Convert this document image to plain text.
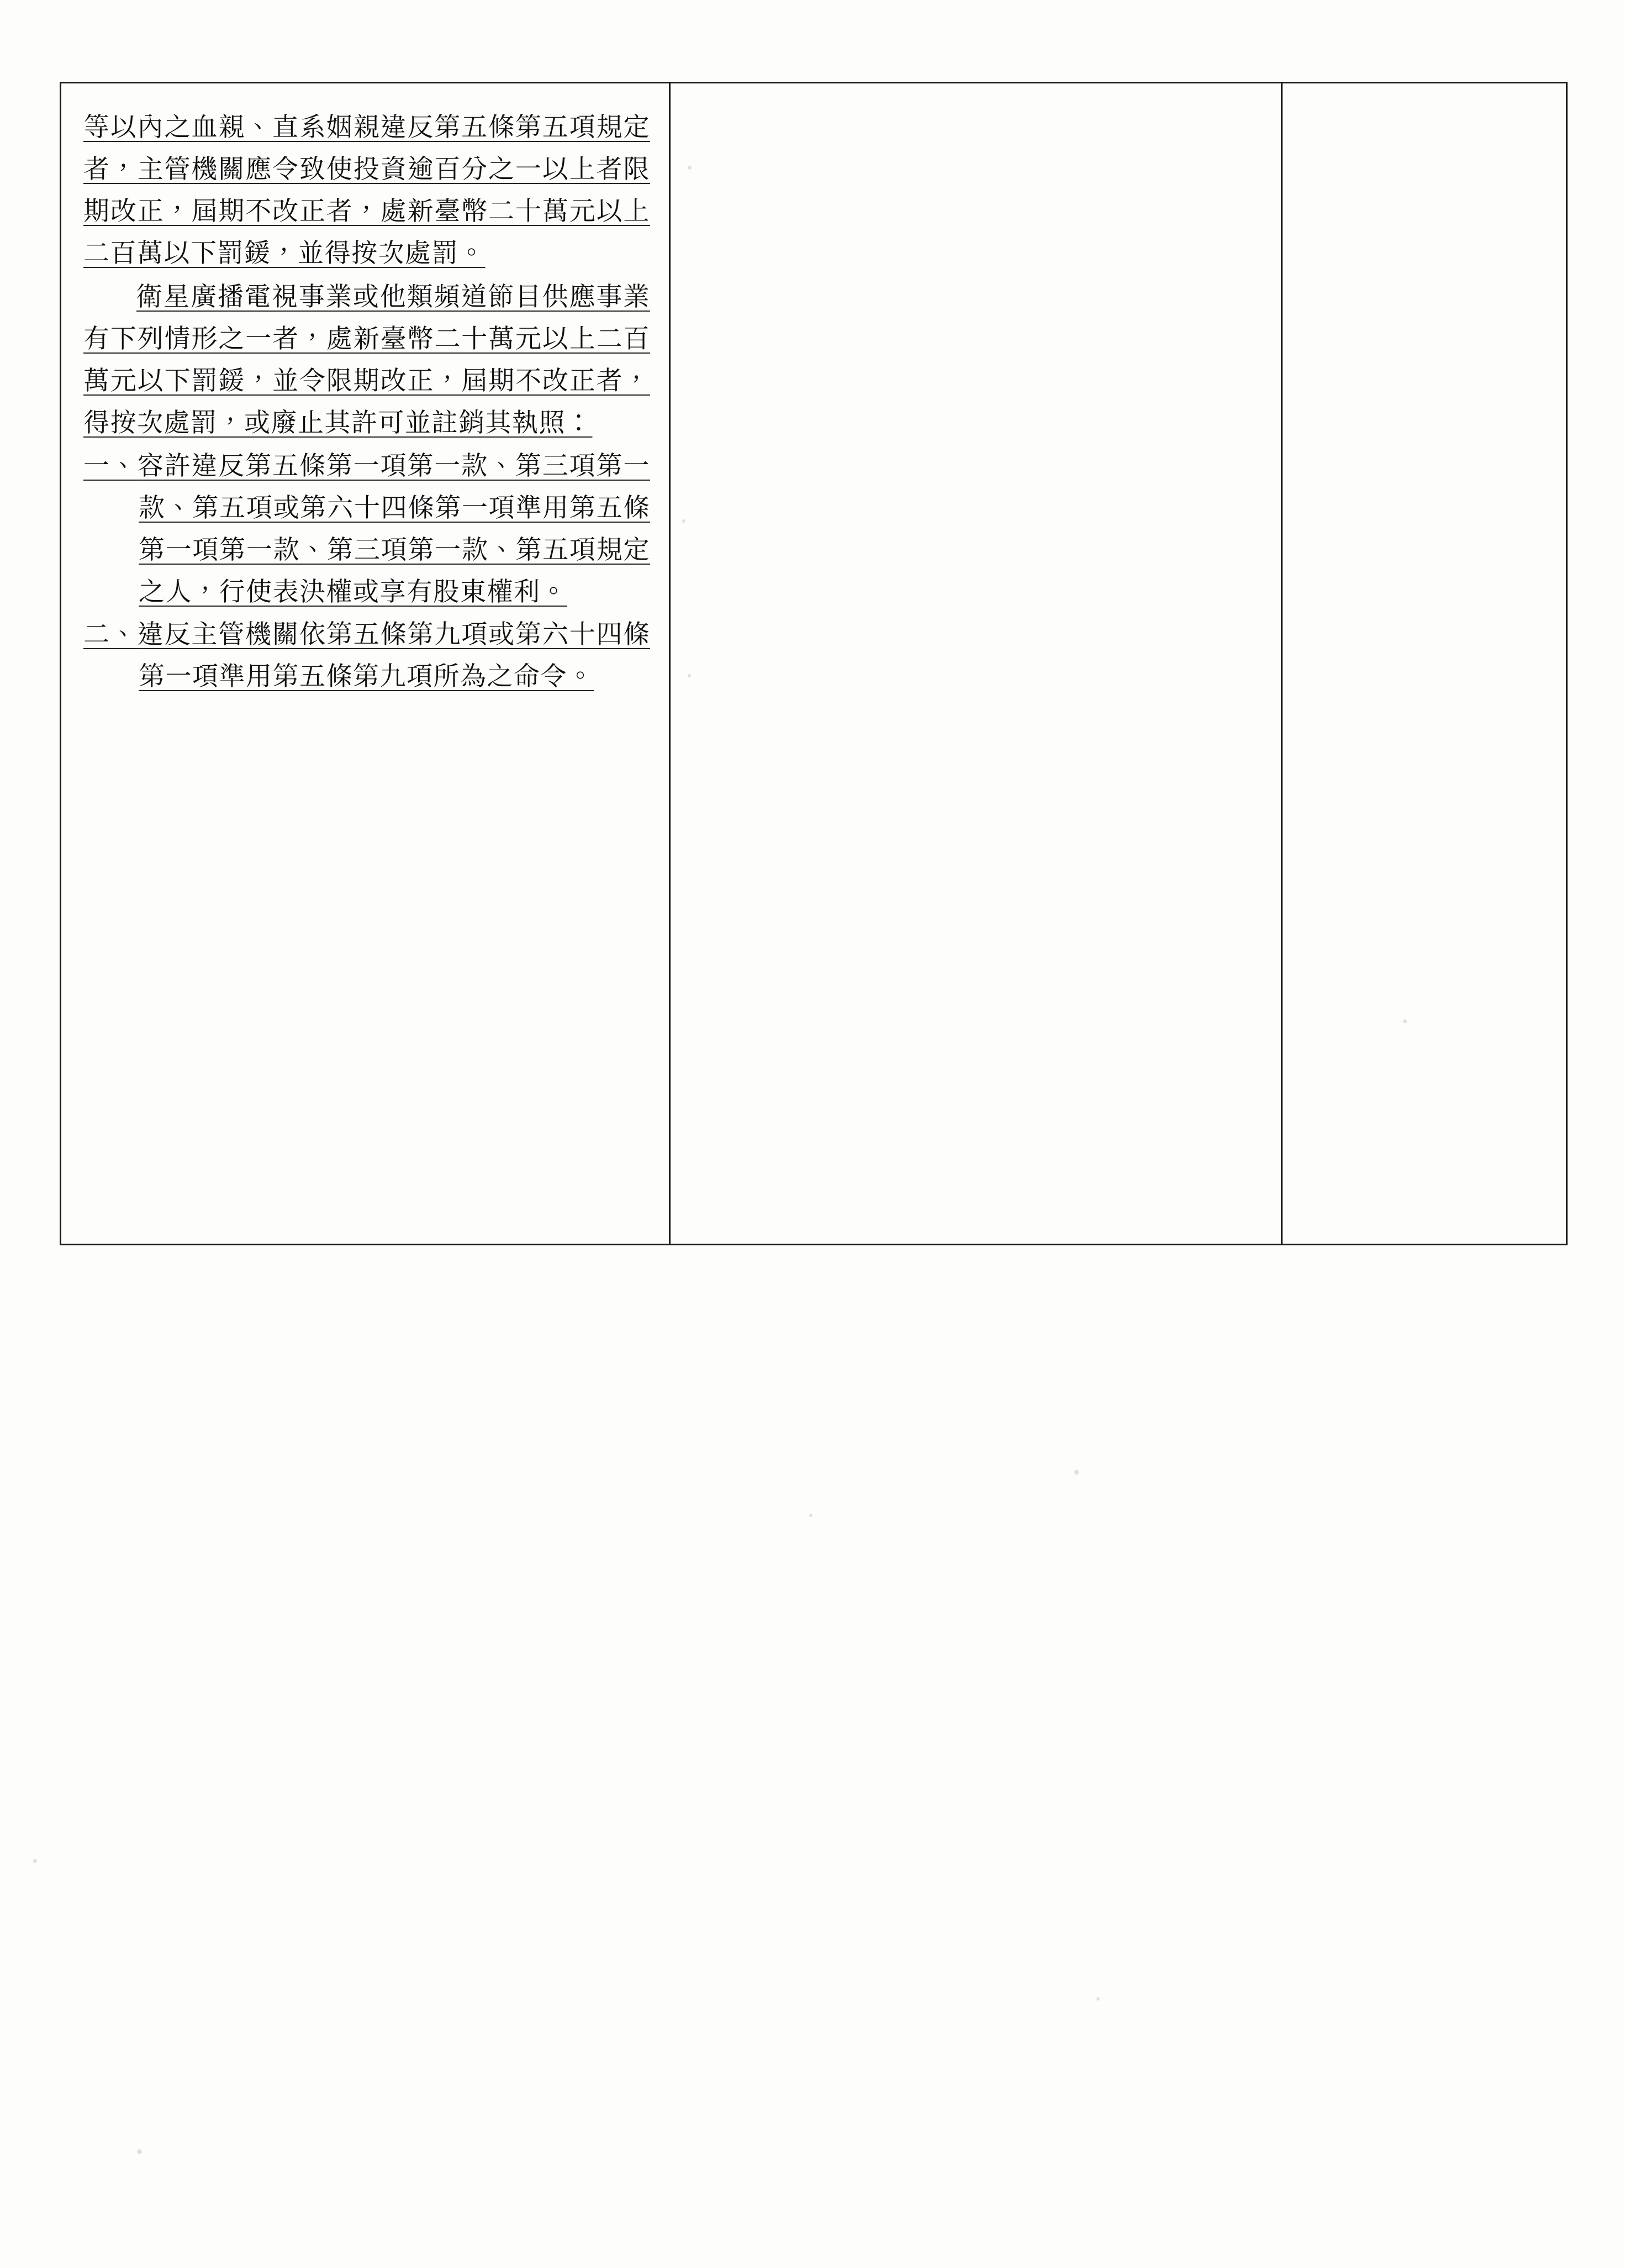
等以內之血親、直系姻親違反第五條第五項規定者，主管機關應令致使投資逾百分之一以上者限期改正，屆期不改正者，處新臺幣二十萬元以上二百萬以下罰鍰，並得按次處罰。

衛星廣播電視事業或他類頻道節目供應事業有下列情形之一者，處新臺幣二十萬元以上二百萬元以下罰鍰，並令限期改正，屆期不改正者，得按次處罰，或廢止其許可並註銷其執照：

一、容許違反第五條第一項第一款、第三項第一款、第五項或第六十四條第一項準用第五條第一項第一款、第三項第一款、第五項規定之人，行使表決權或享有股東權利。

二、違反主管機關依第五條第九項或第六十四條第一項準用第五條第九項所為之命令。
